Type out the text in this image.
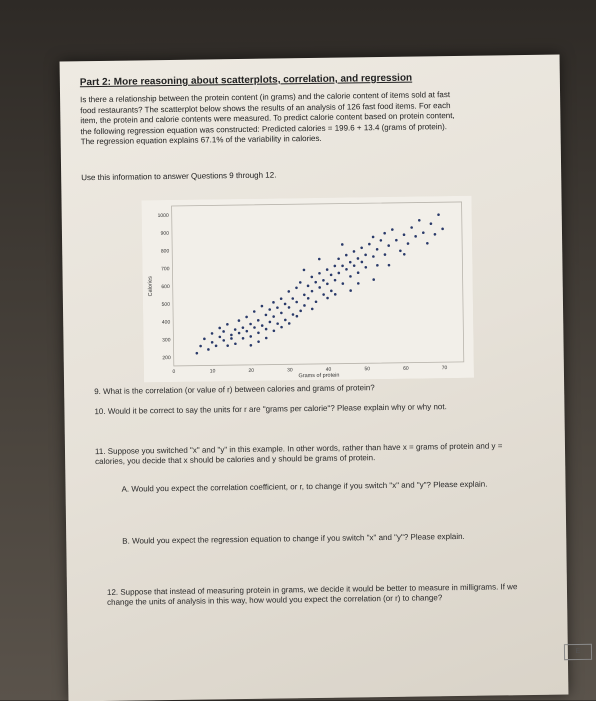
Part 2: More reasoning about scatterplots, correlation, and regression

Is there a relationship between the protein content (in grams) and the calorie content of items sold at fast

food restaurants? The scatterplot below shows the results of an analysis of 126 fast food items. For each

item, the protein and calorie contents were measured. To predict calorie content based on protein content,

the following regression equation was constructed: Predicted calories = 199.6 + 13.4 (grams of protein).

The regression equation explains 67.1% of the variability in calories.

Use this information to answer Questions 9 through 12.
200
300
400
500
600
700
800
900
1000
0	10	20	30	40	50	60	70
Grams of protein
Calories
9. What is the correlation (or value of r) between calories and grams of protein?
10. Would it be correct to say the units for r are "grams per calorie"? Please explain why or why not.
11. Suppose you switched "x" and "y" in this example. In other words, rather than have x = grams of protein and y = calories, you decide that x should be calories and y should be grams of protein.
A. Would you expect the correlation coefficient, or r, to change if you switch "x" and "y"? Please explain.
B. Would you expect the regression equation to change if you switch "x" and "y"? Please explain.
12. Suppose that instead of measuring protein in grams, we decide it would be better to measure in milligrams. If we change the units of analysis in this way, how would you expect the correlation (or r) to change?
E
